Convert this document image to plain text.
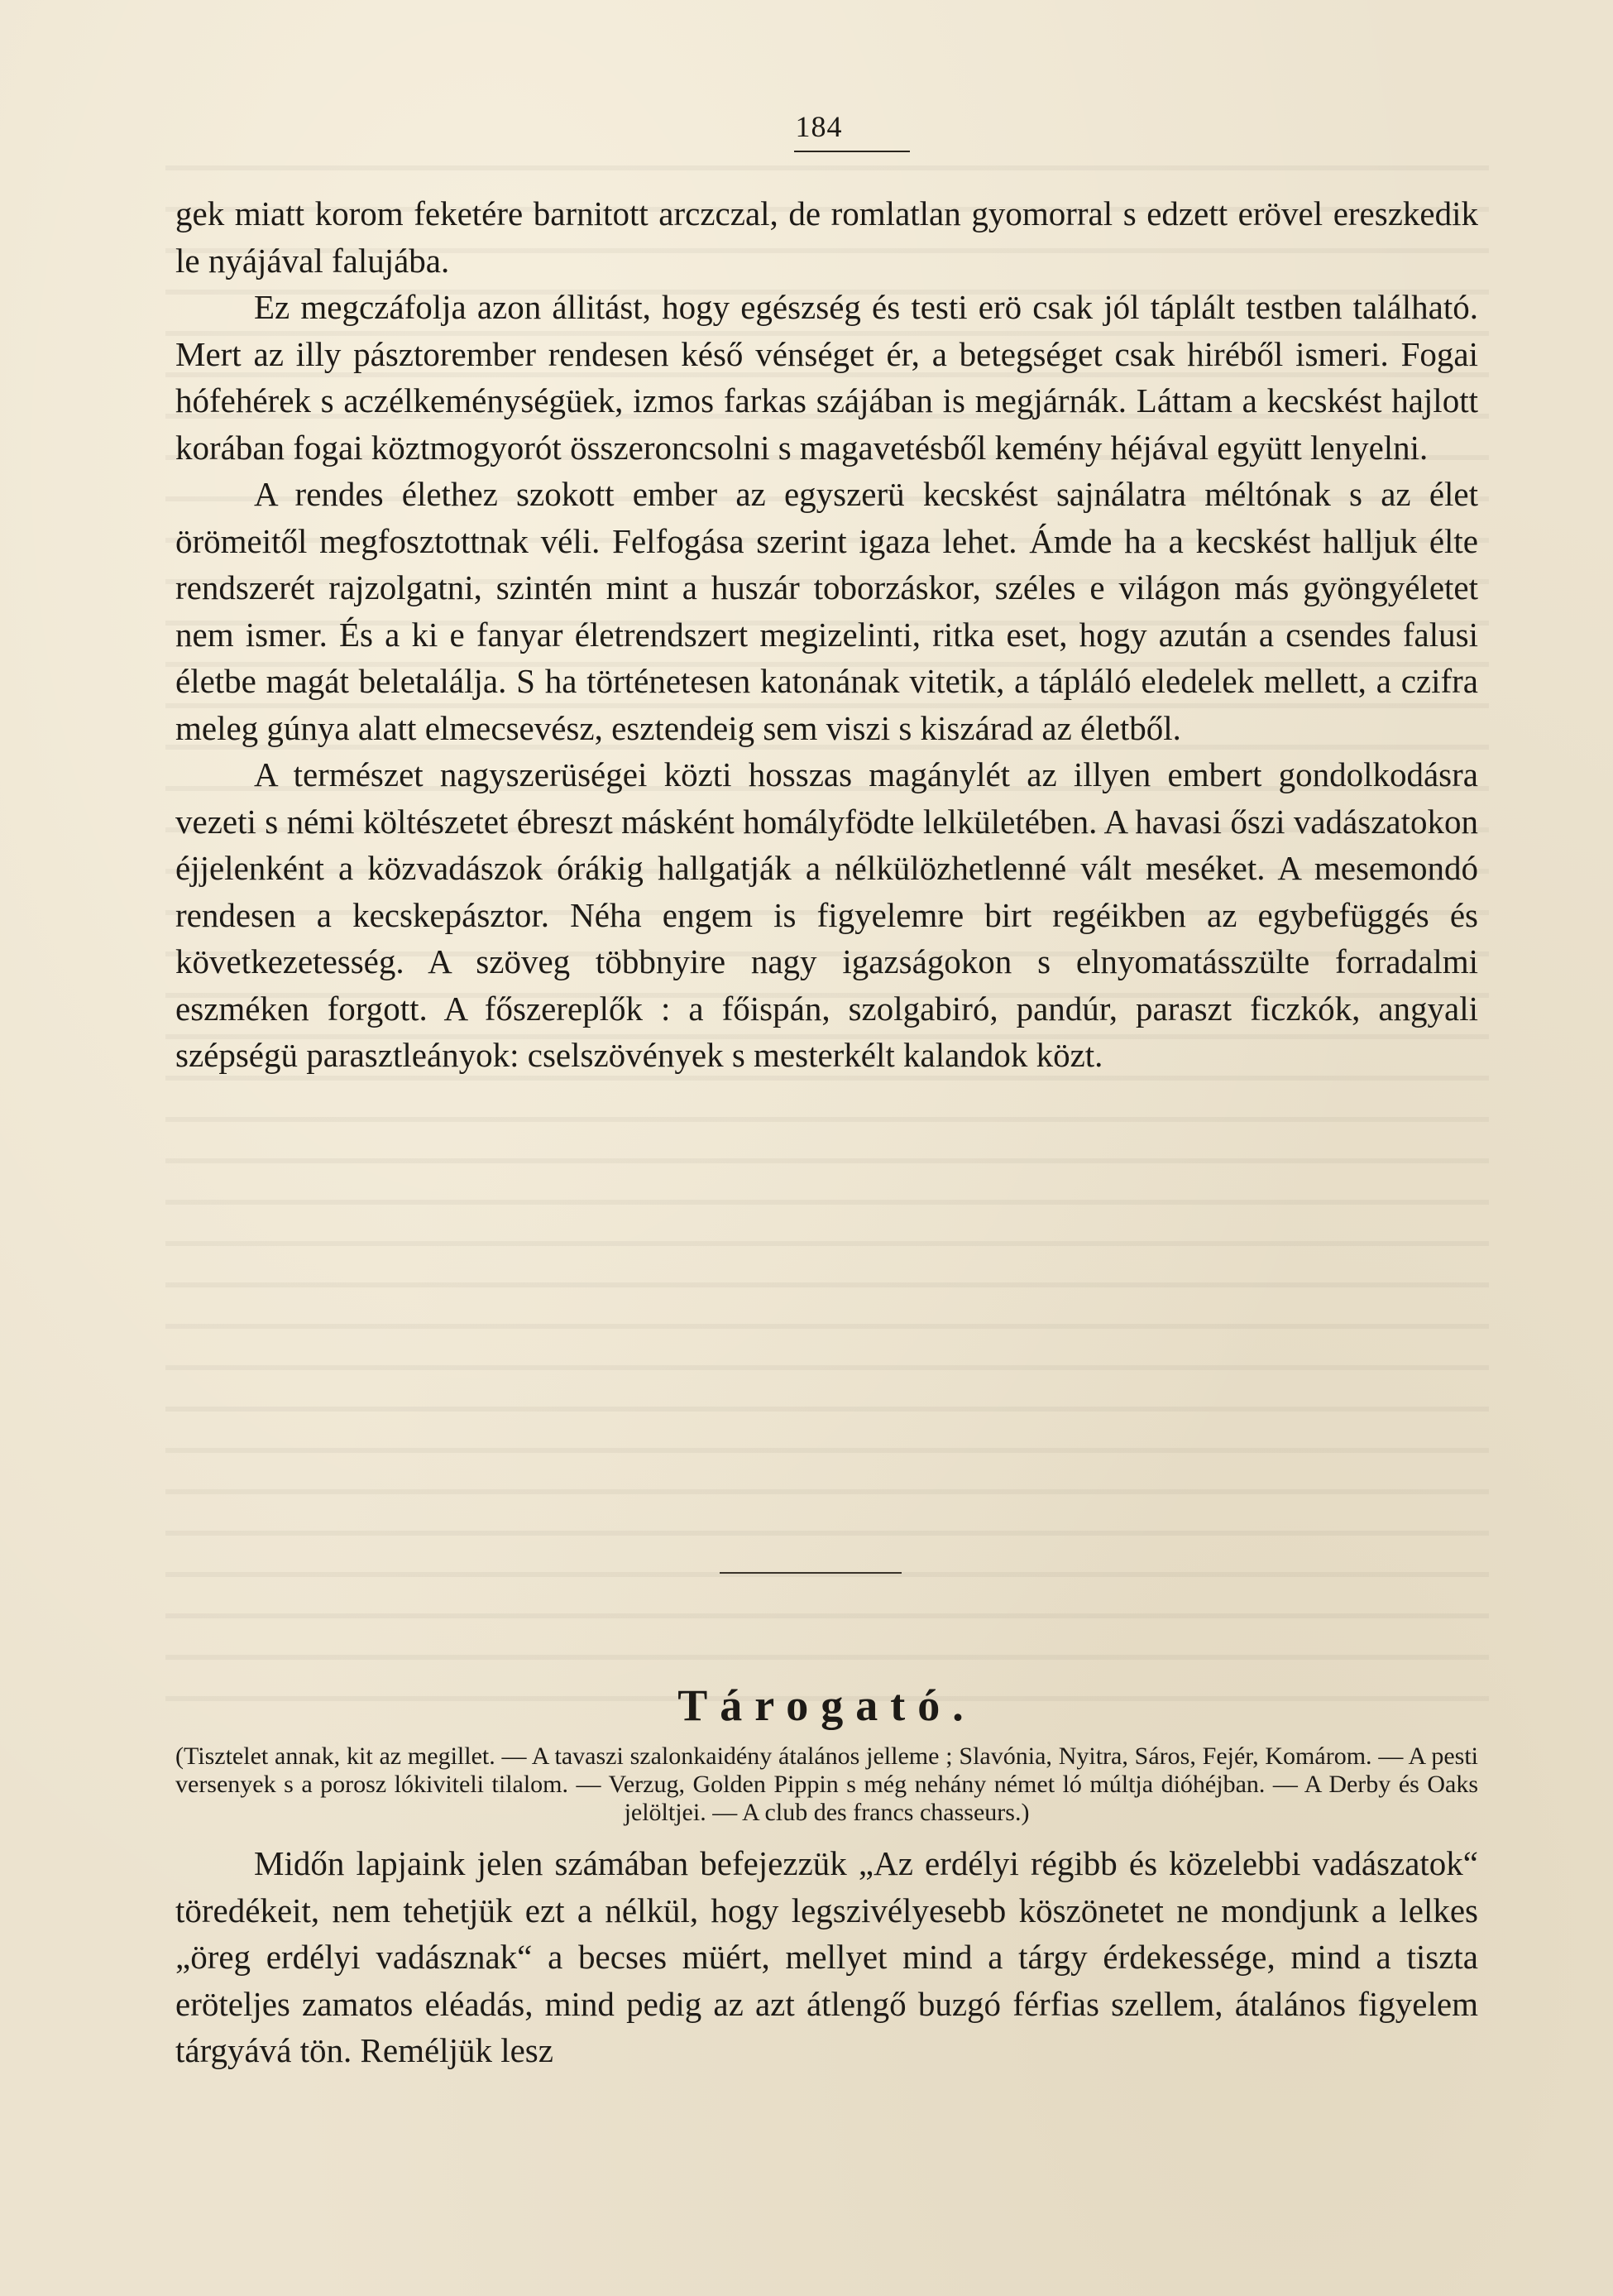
184

gek miatt korom feketére barnitott arczczal, de romlatlan gyomorral s edzett erövel ereszkedik le nyájával falujába.

Ez megczáfolja azon állitást, hogy egészség és testi erö csak jól táplált testben található. Mert az illy pásztorember rendesen késő vénséget ér, a betegséget csak hiréből ismeri. Fogai hófehérek s aczélkeménységüek, izmos farkas szájában is megjárnák. Láttam a kecskést hajlott korában fogai köztmogyorót összeroncsolni s magavetésből kemény héjával együtt lenyelni.

A rendes élethez szokott ember az egyszerü kecskést sajnálatra méltónak s az élet örömeitől megfosztottnak véli. Felfogása szerint igaza lehet. Ámde ha a kecskést halljuk élte rendszerét rajzolgatni, szintén mint a huszár toborzáskor, széles e világon más gyöngyéletet nem ismer. És a ki e fanyar életrendszert megizelinti, ritka eset, hogy azután a csendes falusi életbe magát beletalálja. S ha történetesen katonának vitetik, a tápláló eledelek mellett, a czifra meleg gúnya alatt elmecsevész, esztendeig sem viszi s kiszárad az életből.

A természet nagyszerüségei közti hosszas magánylét az illyen embert gondolkodásra vezeti s némi költészetet ébreszt másként homályfödte lelkületében. A havasi őszi vadászatokon éjjelenként a közvadászok órákig hallgatják a nélkülözhetlenné vált meséket. A mesemondó rendesen a kecskepásztor. Néha engem is figyelemre birt regéikben az egybefüggés és következetesség. A szöveg többnyire nagy igazságokon s elnyomatásszülte forradalmi eszméken forgott. A főszereplők : a főispán, szolgabiró, pandúr, paraszt ficzkók, angyali szépségü parasztleányok: cselszövények s mesterkélt kalandok közt.

Tárogató.

(Tisztelet annak, kit az megillet. — A tavaszi szalonkaidény átalános jelleme ; Slavónia, Nyitra, Sáros, Fejér, Komárom. — A pesti versenyek s a porosz lókiviteli tilalom. — Verzug, Golden Pippin s még nehány német ló múltja dióhéjban. — A Derby és Oaks jelöltjei. — A club des francs chasseurs.)

Midőn lapjaink jelen számában befejezzük „Az erdélyi régibb és közelebbi vadászatok“ töredékeit, nem tehetjük ezt a nélkül, hogy legszivélyesebb köszönetet ne mondjunk a lelkes „öreg erdélyi vadásznak“ a becses müért, mellyet mind a tárgy érdekessége, mind a tiszta eröteljes zamatos eléadás, mind pedig az azt átlengő buzgó férfias szellem, átalános figyelem tárgyává tön. Reméljük lesz
